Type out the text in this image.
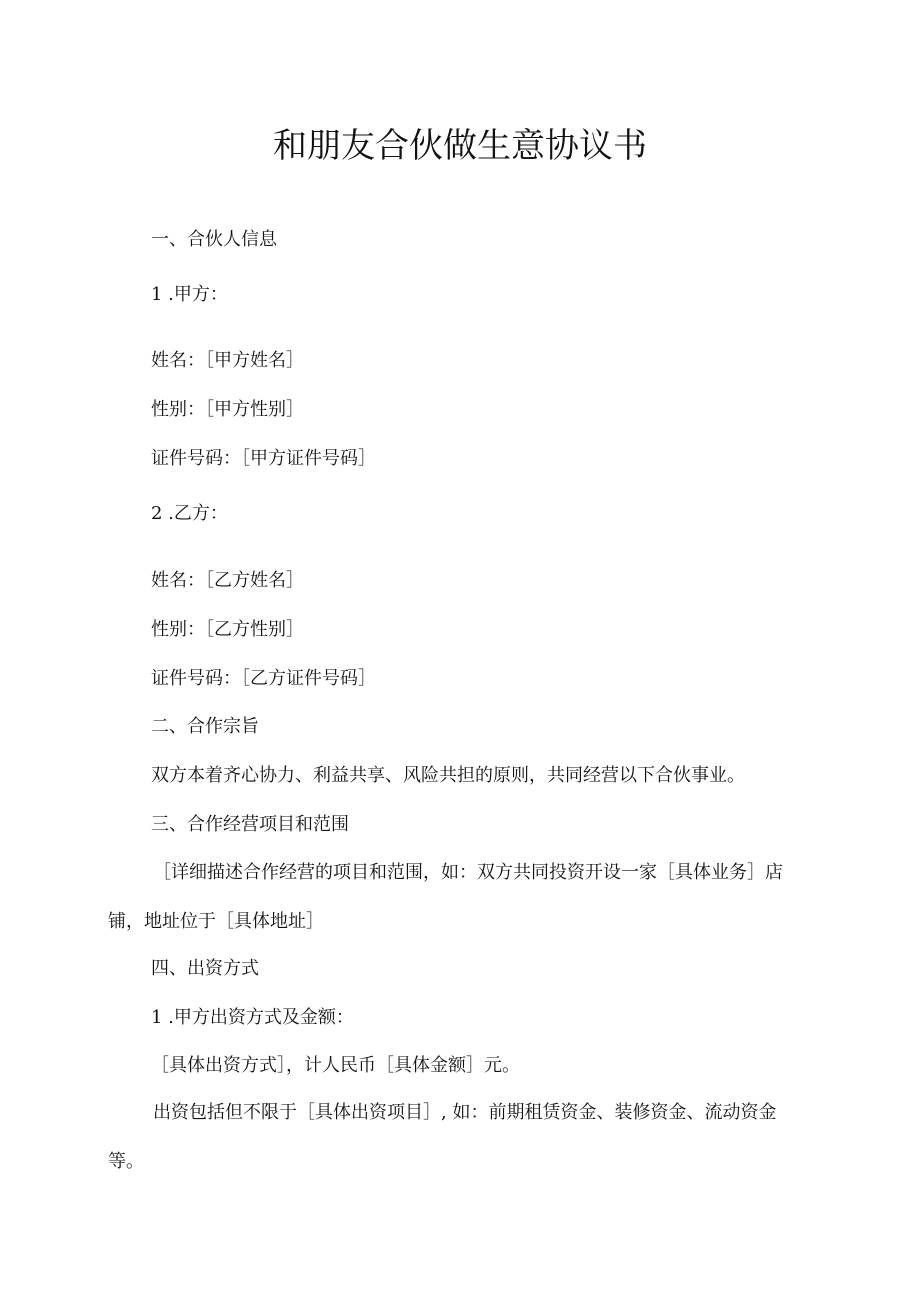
和朋友合伙做生意协议书
一、合伙人信息
1 .甲方：
姓名：［甲方姓名］
性别：［甲方性别］
证件号码：［甲方证件号码］
2 .乙方：
姓名：［乙方姓名］
性别：［乙方性别］
证件号码：［乙方证件号码］
二、合作宗旨
双方本着齐心协力、利益共享、风险共担的原则，共同经营以下合伙事业。
三、合作经营项目和范围
［详细描述合作经营的项目和范围，如：双方共同投资开设一家［具体业务］店铺，地址位于［具体地址］
四、出资方式
1 .甲方出资方式及金额：
［具体出资方式］，计人民币［具体金额］元。
出资包括但不限于［具体出资项目］, 如：前期租赁资金、装修资金、流动资金等。
